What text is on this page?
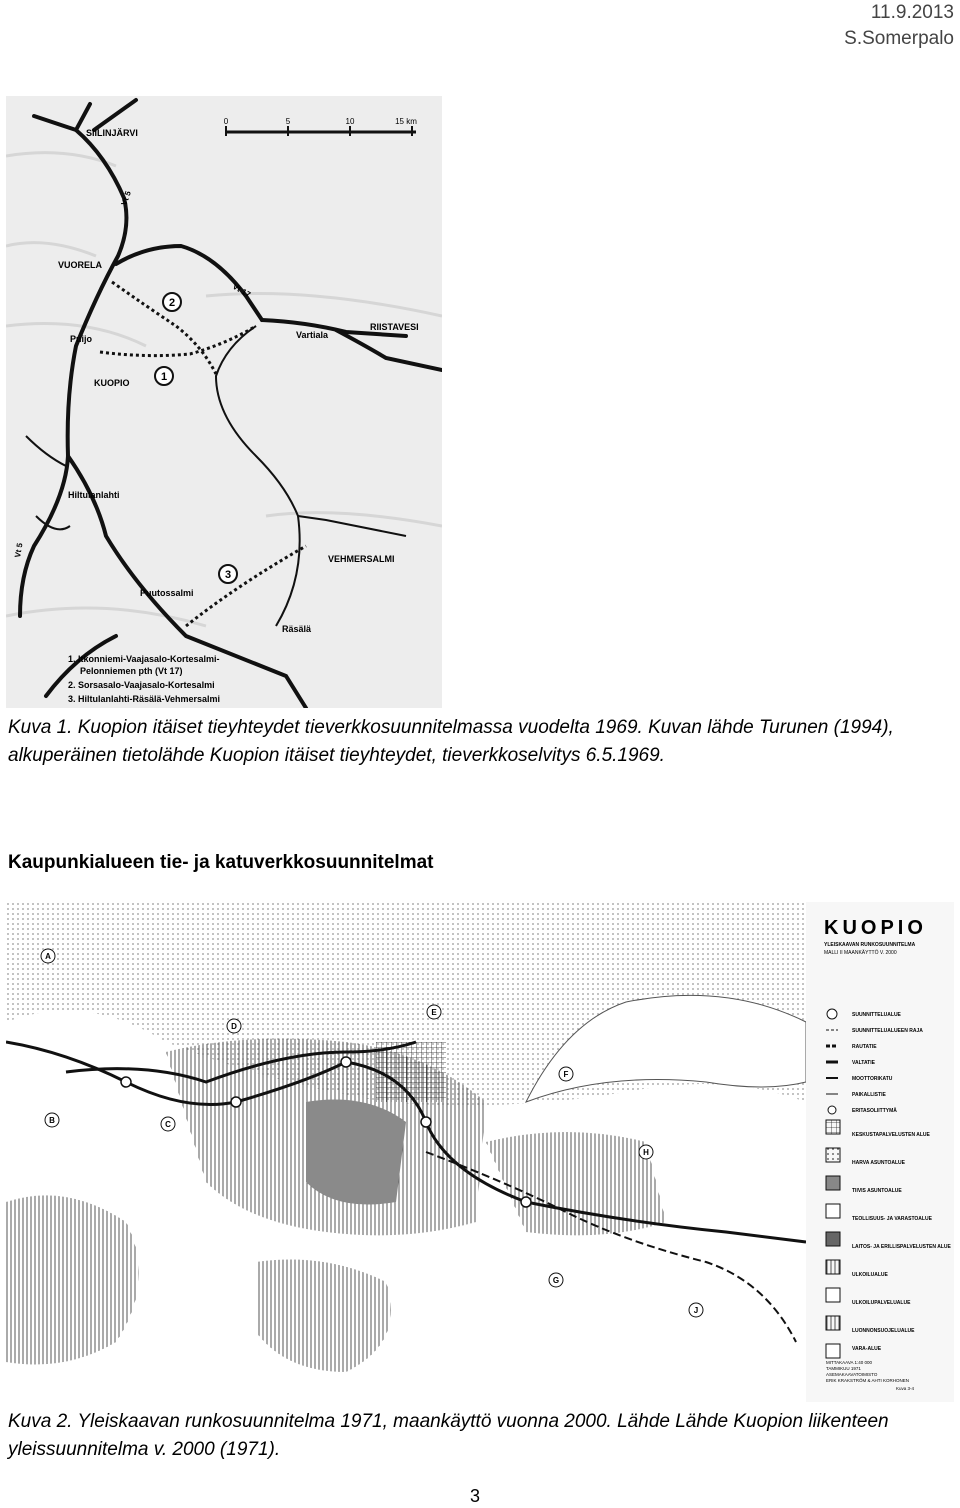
11.9.2013
S.Somerpalo
1
2
3
0	5	10	15 km
SIILINJÄRVI
VUORELA
Puijo
KUOPIO
Vartiala
RIISTAVESI
Hiltulanlahti
VEHMERSALMI
Puutossalmi
Räsälä
Vt 5
Vt 5
Vt 17
1. Itkonniemi-Vaajasalo-Kortesalmi-
Pelonniemen pth (Vt 17)
2. Sorsasalo-Vaajasalo-Kortesalmi
3. Hiltulanlahti-Räsälä-Vehmersalmi
Kuva 1. Kuopion itäiset tieyhteydet tieverkkosuunnitelmassa vuodelta 1969. Kuvan lähde Turunen (1994), alkuperäinen tietolähde Kuopion itäiset tieyhteydet, tieverkkoselvitys 6.5.1969.
Kaupunkialueen tie- ja katuverkkosuunnitelmat
A
B	C
D
E
F
G
H
J
KUOPIO
YLEISKAAVAN RUNKOSUUNNITELMA
MALLI II MAANKÄYTTÖ V. 2000
SUUNNITTELUALUE
SUUNNITTELUALUEEN RAJA
RAUTATIE
VALTATIE
MOOTTORIKATU
PAIKALLISTIE
ERITASOLIITTYMÄ
KESKUSTAPALVELUSTEN ALUE
HARVA ASUNTOALUE
TIIVIS ASUNTOALUE
TEOLLISUUS- JA VARASTOALUE
LAITOS- JA ERILLISPALVELUSTEN ALUE
ULKOILUALUE
ULKOILUPALVELUALUE
LUONNONSUOJELUALUE
VARA-ALUE
MITTAKAAVA 1:40 000
TAMMIKUU 1971
ASEMAKAAVATOIMISTO
ERIK KRAKSTRÖM & AHTI KORHONEN
Kuva 3-4
Kuva 2. Yleiskaavan runkosuunnitelma 1971, maankäyttö vuonna 2000. Lähde Lähde Kuopion liikenteen yleissuunnitelma v. 2000 (1971).
3
